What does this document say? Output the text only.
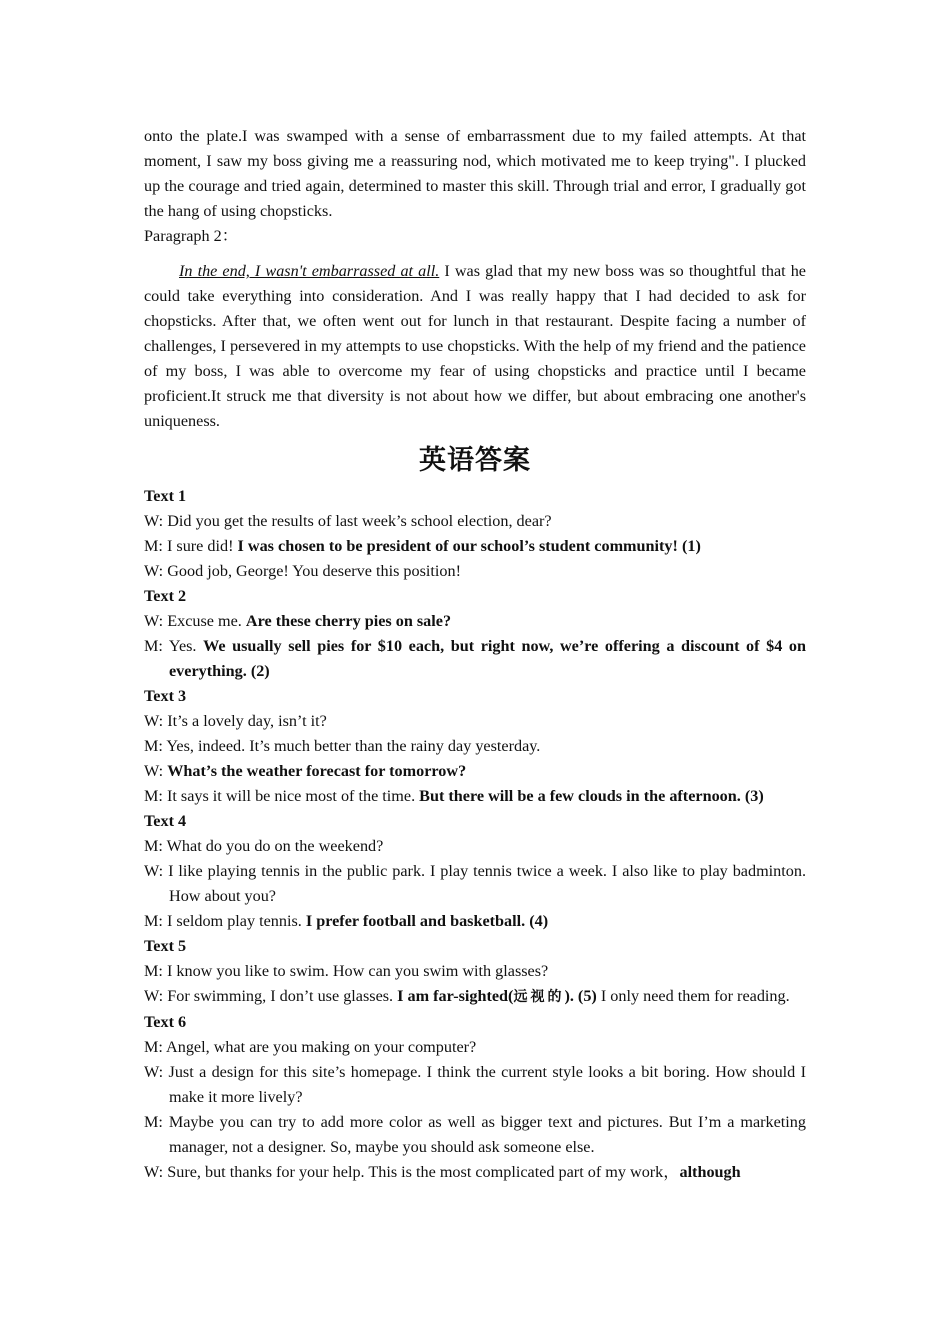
onto the plate.I was swamped with a sense of embarrassment due to my failed attempts. At that moment, I saw my boss giving me a reassuring nod, which motivated me to keep trying". I plucked up the courage and tried again, determined to master this skill. Through trial and error, I gradually got the hang of using chopsticks.

Paragraph 2：

In the end, I wasn't embarrassed at all. I was glad that my new boss was so thoughtful that he could take everything into consideration. And I was really happy that I had decided to ask for chopsticks. After that, we often went out for lunch in that restaurant. Despite facing a number of challenges, I persevered in my attempts to use chopsticks. With the help of my friend and the patience of my boss, I was able to overcome my fear of using chopsticks and practice until I became proficient.It struck me that diversity is not about how we differ, but about embracing one another's uniqueness.

英语答案

Text 1

W: Did you get the results of last week’s school election, dear?

M: I sure did! I was chosen to be president of our school’s student community! (1)

W: Good job, George! You deserve this position!

Text 2

W: Excuse me. Are these cherry pies on sale?

M: Yes. We usually sell pies for $10 each, but right now, we’re offering a discount of $4 on everything. (2)

Text 3

W: It’s a lovely day, isn’t it?

M: Yes, indeed. It’s much better than the rainy day yesterday.

W: What’s the weather forecast for tomorrow?

M: It says it will be nice most of the time. But there will be a few clouds in the afternoon. (3)

Text 4

M: What do you do on the weekend?

W: I like playing tennis in the public park. I play tennis twice a week. I also like to play badminton. How about you?

M: I seldom play tennis. I prefer football and basketball. (4)

Text 5

M: I know you like to swim. How can you swim with glasses?

W: For swimming, I don’t use glasses. I am far-sighted(远视的). (5) I only need them for reading.

Text 6

M: Angel, what are you making on your computer?

W: Just a design for this site’s homepage. I think the current style looks a bit boring. How should I make it more lively?

M: Maybe you can try to add more color as well as bigger text and pictures. But I’m a marketing manager, not a designer. So, maybe you should ask someone else.

W: Sure, but thanks for your help. This is the most complicated part of my work，although
